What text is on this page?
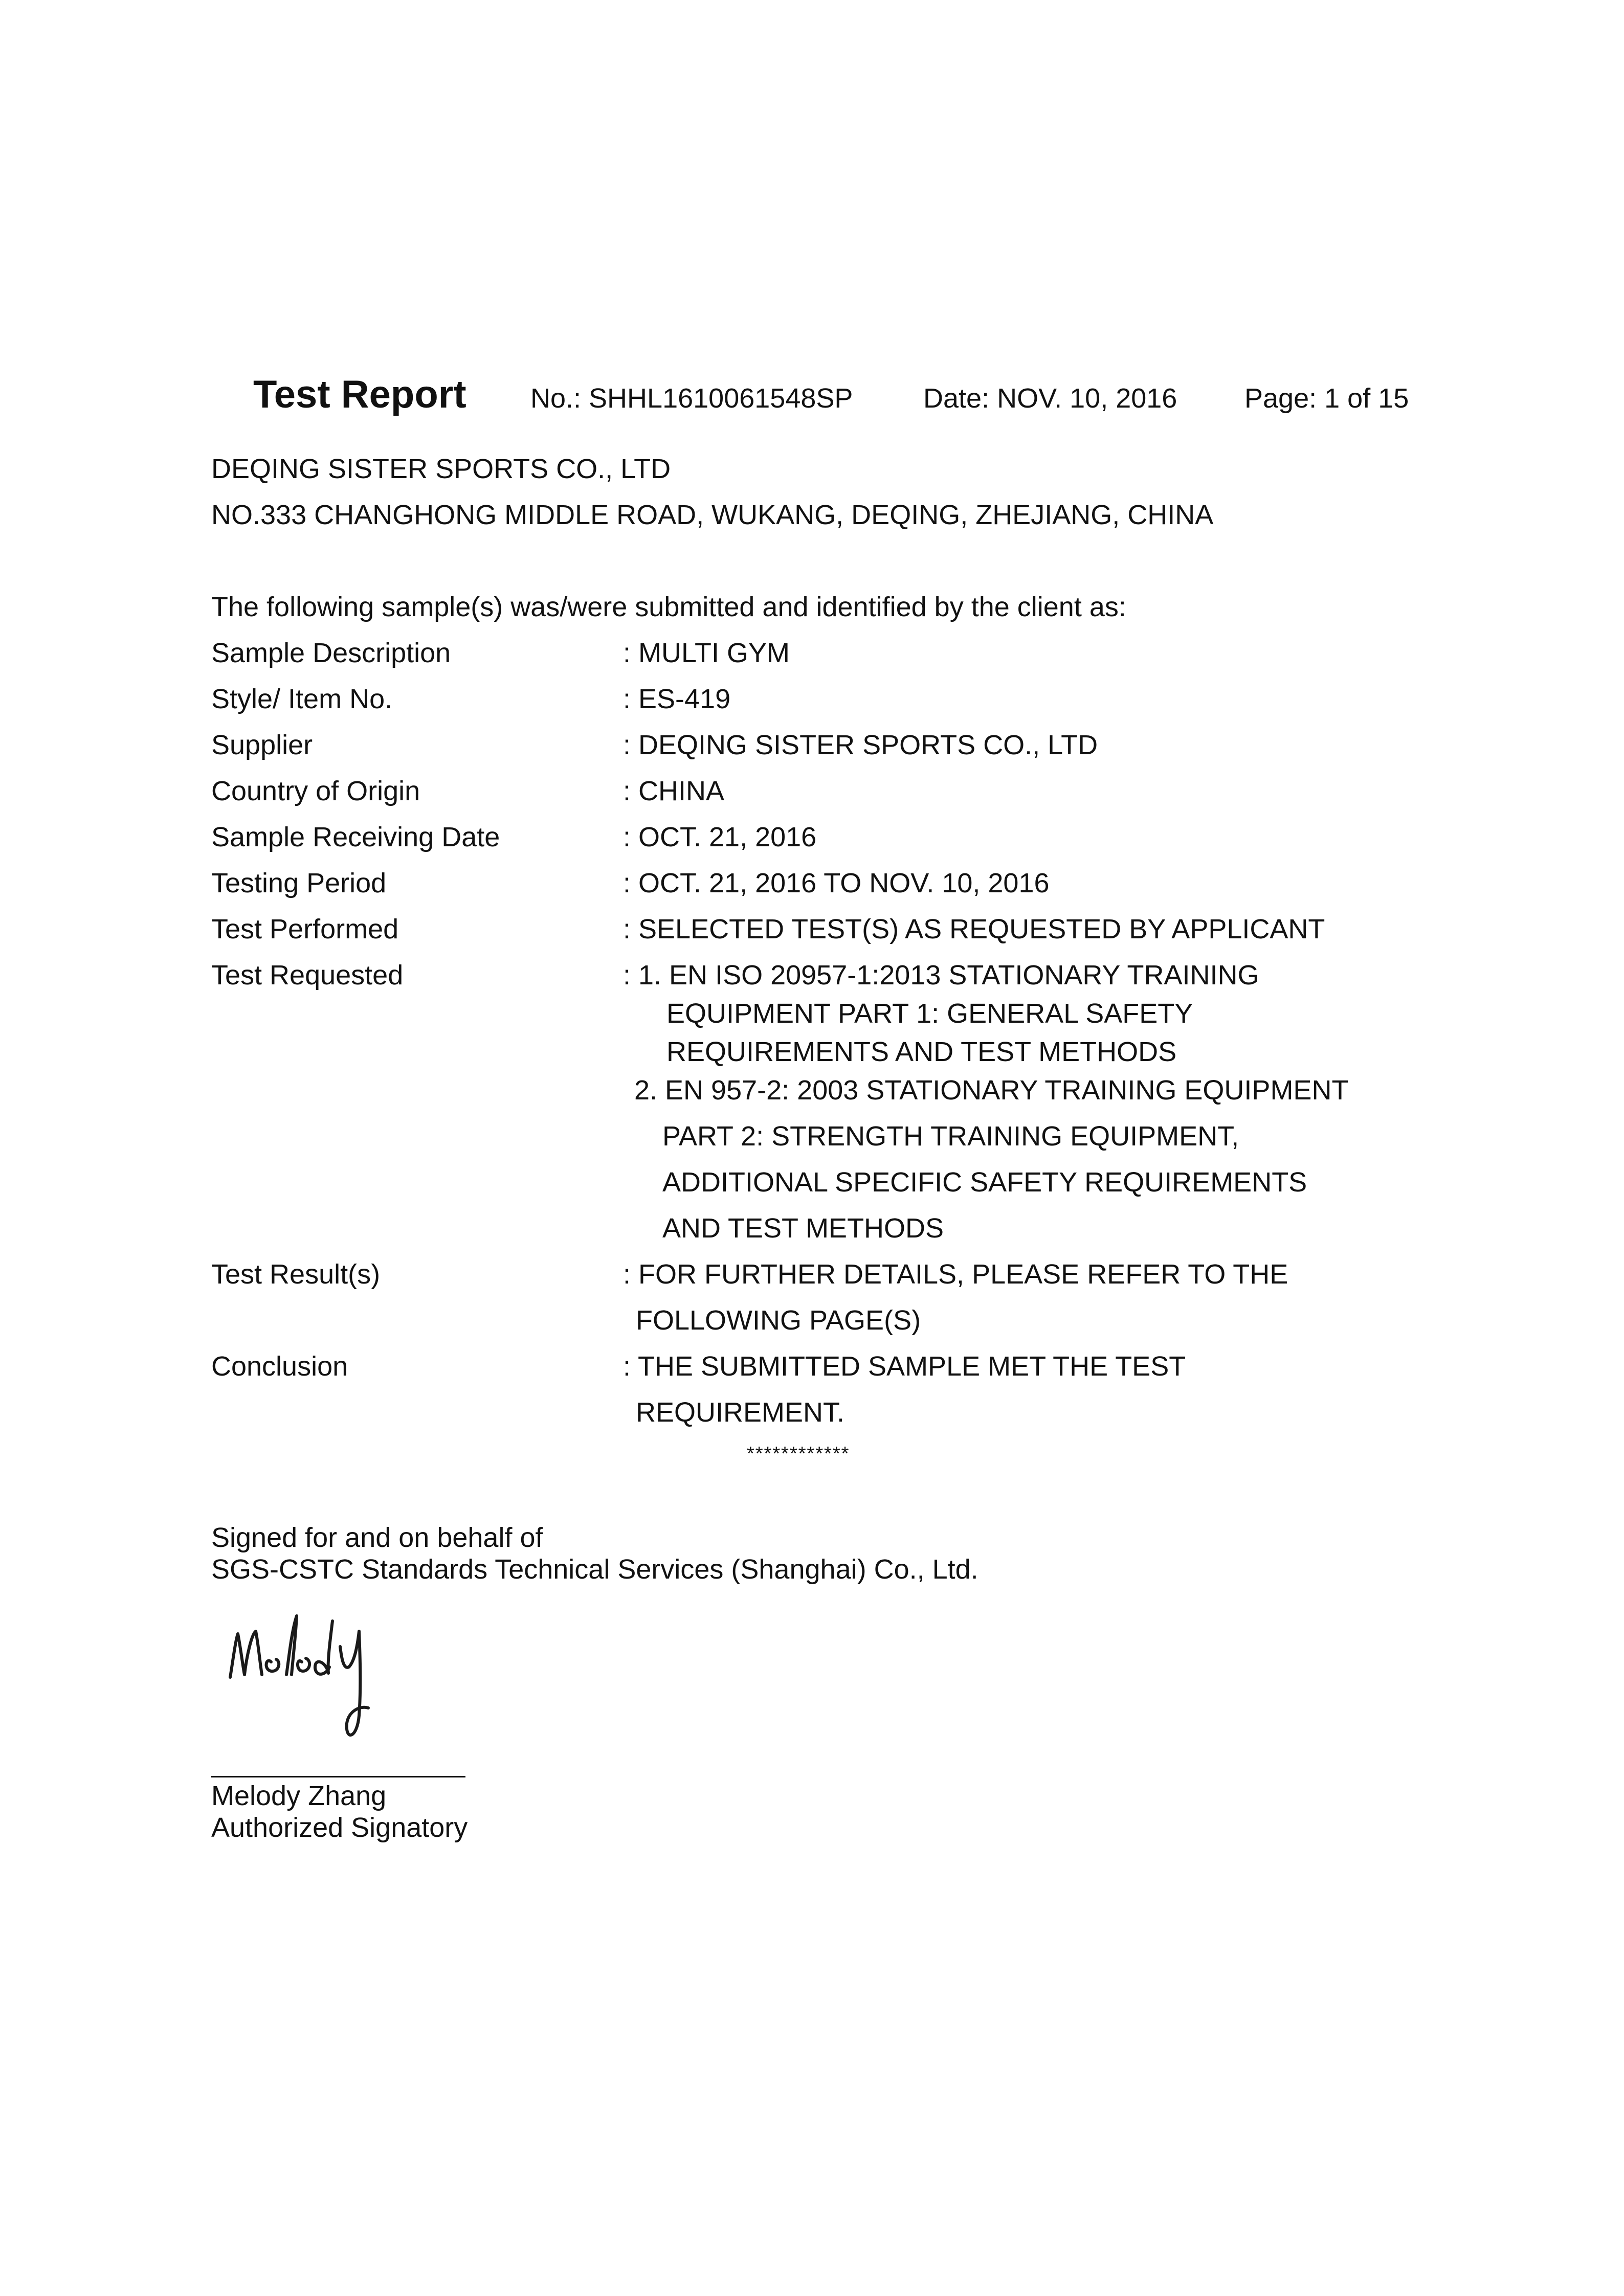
Test Report No.: SHHL1610061548SP	Date: NOV. 10, 2016 Page: 1 of 15
DEQING SISTER SPORTS CO., LTD
NO.333 CHANGHONG MIDDLE ROAD, WUKANG, DEQING, ZHEJIANG, CHINA
The following sample(s) was/were submitted and identified by the client as:
Sample Description	: MULTI GYM
Style/ Item No.	: ES-419
Supplier	: DEQING SISTER SPORTS CO., LTD
Country of Origin	: CHINA
Sample Receiving Date	: OCT. 21, 2016
Testing Period	: OCT. 21, 2016 TO NOV. 10, 2016
Test Performed	: SELECTED TEST(S) AS REQUESTED BY APPLICANT
Test Requested	: 1. EN ISO 20957-1:2013 STATIONARY TRAINING
EQUIPMENT PART 1: GENERAL SAFETY
REQUIREMENTS AND TEST METHODS
2. EN 957-2: 2003 STATIONARY TRAINING EQUIPMENT
PART 2: STRENGTH TRAINING EQUIPMENT,
ADDITIONAL SPECIFIC SAFETY REQUIREMENTS
AND TEST METHODS
Test Result(s)	: FOR FURTHER DETAILS, PLEASE REFER TO THE
FOLLOWING PAGE(S)
Conclusion	: THE SUBMITTED SAMPLE MET THE TEST
REQUIREMENT.
************
Signed for and on behalf of
SGS-CSTC Standards Technical Services (Shanghai) Co., Ltd.
Melody Zhang
Authorized Signatory
